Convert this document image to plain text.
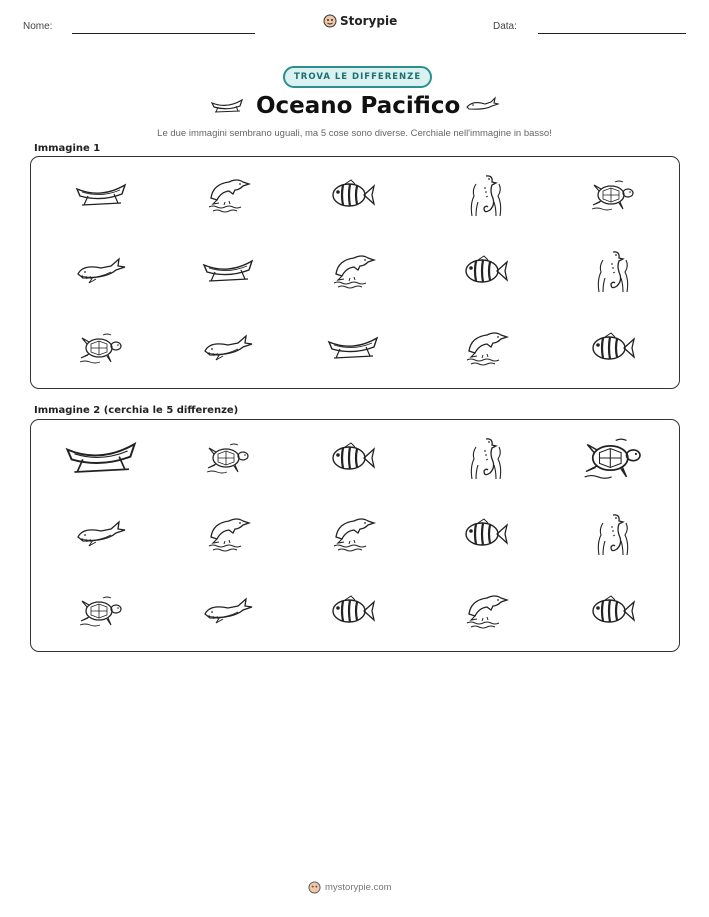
Nome:	Storypie	Data:
TROVA LE DIFFERENZE
Oceano Pacifico
Le due immagini sembrano uguali, ma 5 cose sono diverse. Cerchiale nell'immagine in basso!
Immagine 1
Immagine 2 (cerchia le 5 differenze)
mystorypie.com
